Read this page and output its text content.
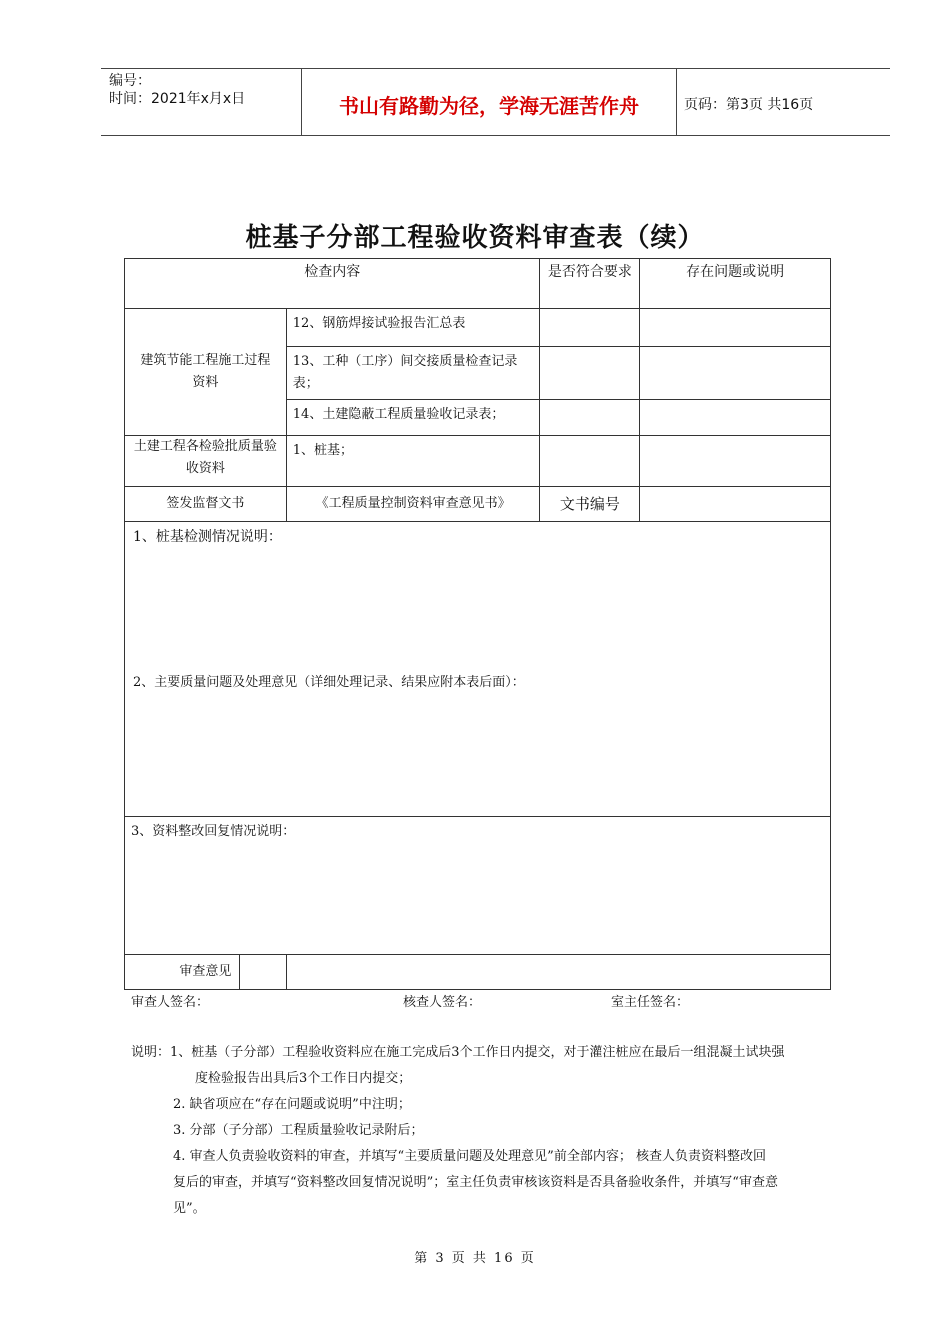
编号：
时间：2021年x月x日	书山有路勤为径，学海无涯苦作舟	页码：第3页 共16页
桩基子分部工程验收资料审查表（续）
检查内容		是否符合要求	存在问题或说明
建筑节能工程施工过程资料	12、钢筋焊接试验报告汇总表		
	13、工种（工序）间交接质量检查记录表；		
	14、土建隐蔽工程质量验收记录表；		
土建工程各检验批质量验收资料	1、桩基；		
签发监督文书	《工程质量控制资料审查意见书》	文书编号	

1、桩基检测情况说明：
2、主要质量问题及处理意见（详细处理记录、结果应附本表后面）：			

3、资料整改回复情况说明：			
审查意见			
审查人签名：	核查人签名：	室主任签名：
说明：1、桩基（子分部）工程验收资料应在施工完成后3个工作日内提交，对于灌注桩应在最后一组混凝土试块强
度检验报告出具后3个工作日内提交；
2. 缺省项应在“存在问题或说明”中注明；
3. 分部（子分部）工程质量验收记录附后；
4. 审查人负责验收资料的审查，并填写“主要质量问题及处理意见”前全部内容； 核查人负责资料整改回
复后的审查，并填写“资料整改回复情况说明”；室主任负责审核该资料是否具备验收条件，并填写“审查意
见”。
第 3 页 共 16 页
